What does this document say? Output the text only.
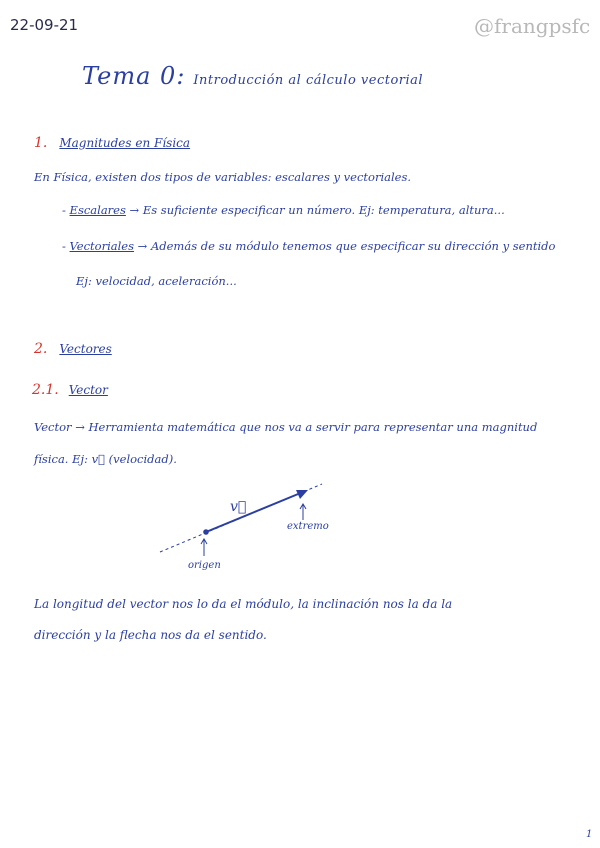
22-09-21	@frangpsfc
Tema 0: Introducción al cálculo vectorial
1. Magnitudes en Física
En Física, existen dos tipos de variables: escalares y vectoriales.
- Escalares → Es suficiente especificar un número. Ej: temperatura, altura...
- Vectoriales → Además de su módulo tenemos que especificar su dirección y sentido
Ej: velocidad, aceleración...
2. Vectores
2.1. Vector
Vector → Herramienta matemática que nos va a servir para representar una magnitud
física. Ej: v⃗ (velocidad).
v⃗
origen
extremo
La longitud del vector nos lo da el módulo, la inclinación nos la da la
dirección y la flecha nos da el sentido.
1
